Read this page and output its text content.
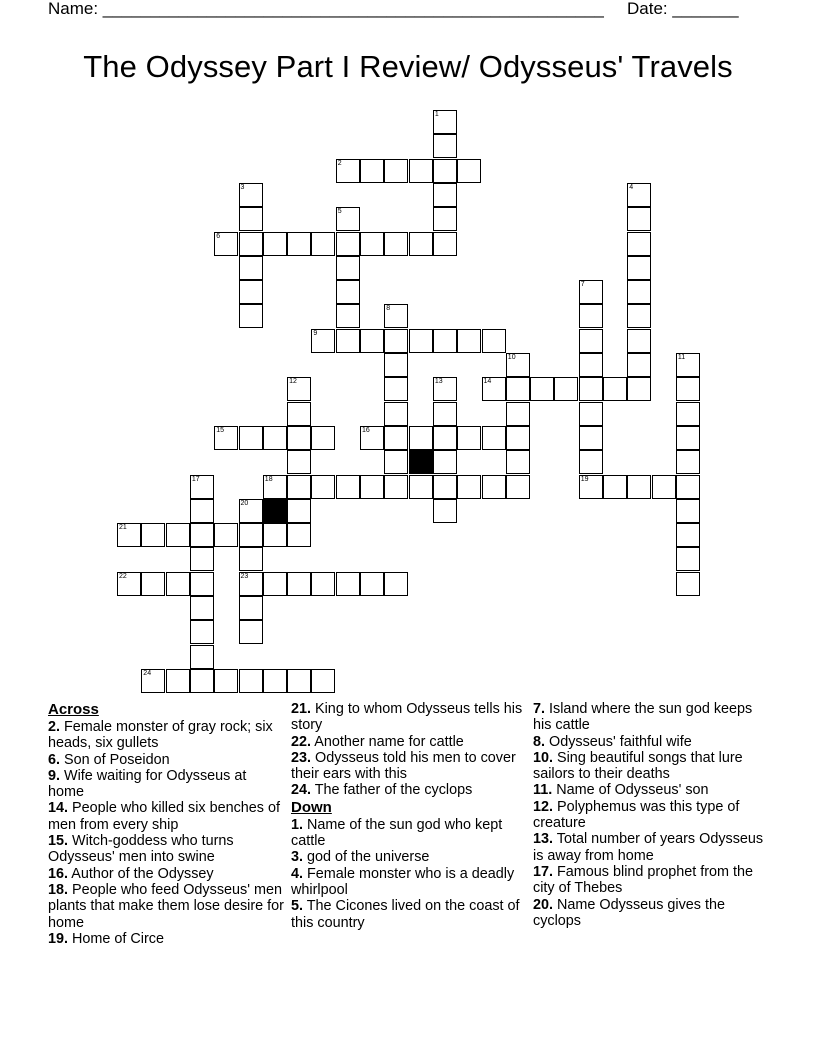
Name: _____________________________________________________ Date: _______
The Odyssey Part I Review/ Odysseus' Travels
1
2
3	4
5
6
7
19
8
9
10	11
12	13	14
15	16
17	18
20
23
21
22
24
Across
2. Female monster of gray rock; six heads, six gullets
6. Son of Poseidon
9. Wife waiting for Odysseus at home
14. People who killed six benches of men from every ship
15. Witch-goddess who turns Odysseus' men into swine
16. Author of the Odyssey
18. People who feed Odysseus' men plants that make them lose desire for home
19. Home of Circe
21. King to whom Odysseus tells his story
22. Another name for cattle
23. Odysseus told his men to cover their ears with this
24. The father of the cyclops
Down
1. Name of the sun god who kept cattle
3. god of the universe
4. Female monster who is a deadly whirlpool
5. The Cicones lived on the coast of this country
7. Island where the sun god keeps his cattle
8. Odysseus' faithful wife
10. Sing beautiful songs that lure sailors to their deaths
11. Name of Odysseus' son
12. Polyphemus was this type of creature
13. Total number of years Odysseus is away from home
17. Famous blind prophet from the city of Thebes
20. Name Odysseus gives the cyclops
